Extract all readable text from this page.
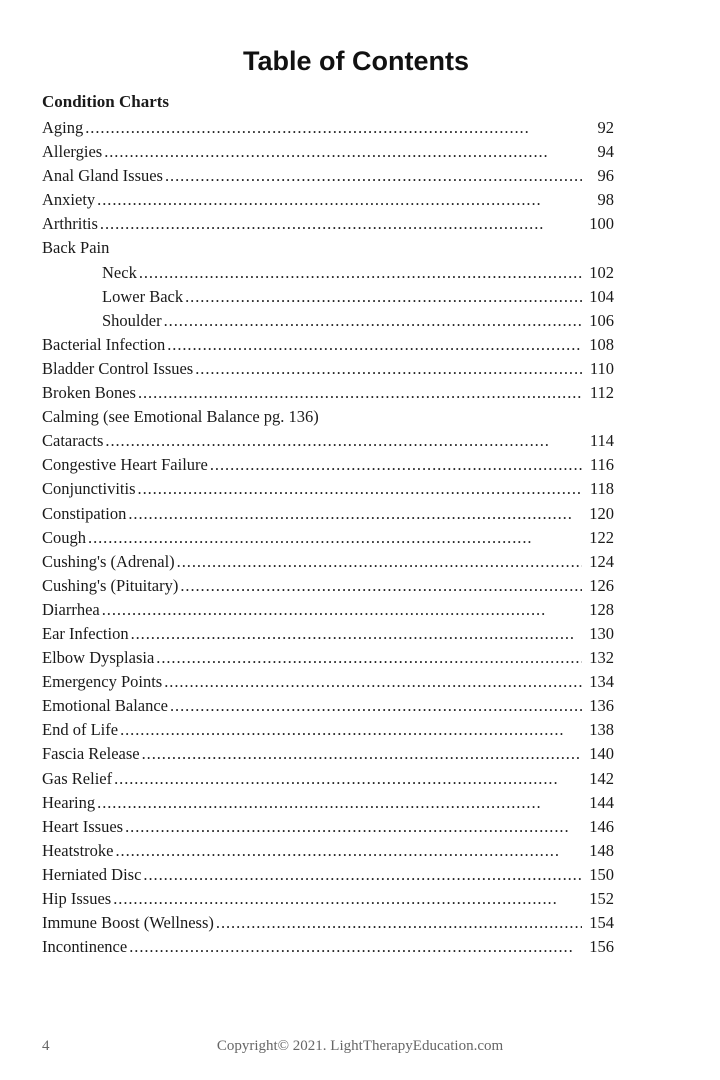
Table of Contents
Condition Charts
Aging . . .	92
Allergies . . .	94
Anal Gland Issues . . .	96
Anxiety . . .	98
Arthritis . . .	100
Back Pain
Neck . . .	102
Lower Back . . .	104
Shoulder . . .	106
Bacterial Infection . . .	108
Bladder Control Issues . . .	110
Broken Bones . . .	112
Calming (see Emotional Balance pg. 136)
Cataracts . . .	114
Congestive Heart Failure . . .	116
Conjunctivitis . . .	118
Constipation . . .	120
Cough . . .	122
Cushing's (Adrenal) . . .	124
Cushing's (Pituitary) . . .	126
Diarrhea . . .	128
Ear Infection . . .	130
Elbow Dysplasia . . .	132
Emergency Points . . .	134
Emotional Balance . . .	136
End of Life . . .	138
Fascia Release . . .	140
Gas Relief . . .	142
Hearing . . .	144
Heart Issues . . .	146
Heatstroke . . .	148
Herniated Disc . . .	150
Hip Issues . . .	152
Immune Boost (Wellness) . . .	154
Incontinence . . .	156
4	Copyright© 2021. LightTherapyEducation.com
